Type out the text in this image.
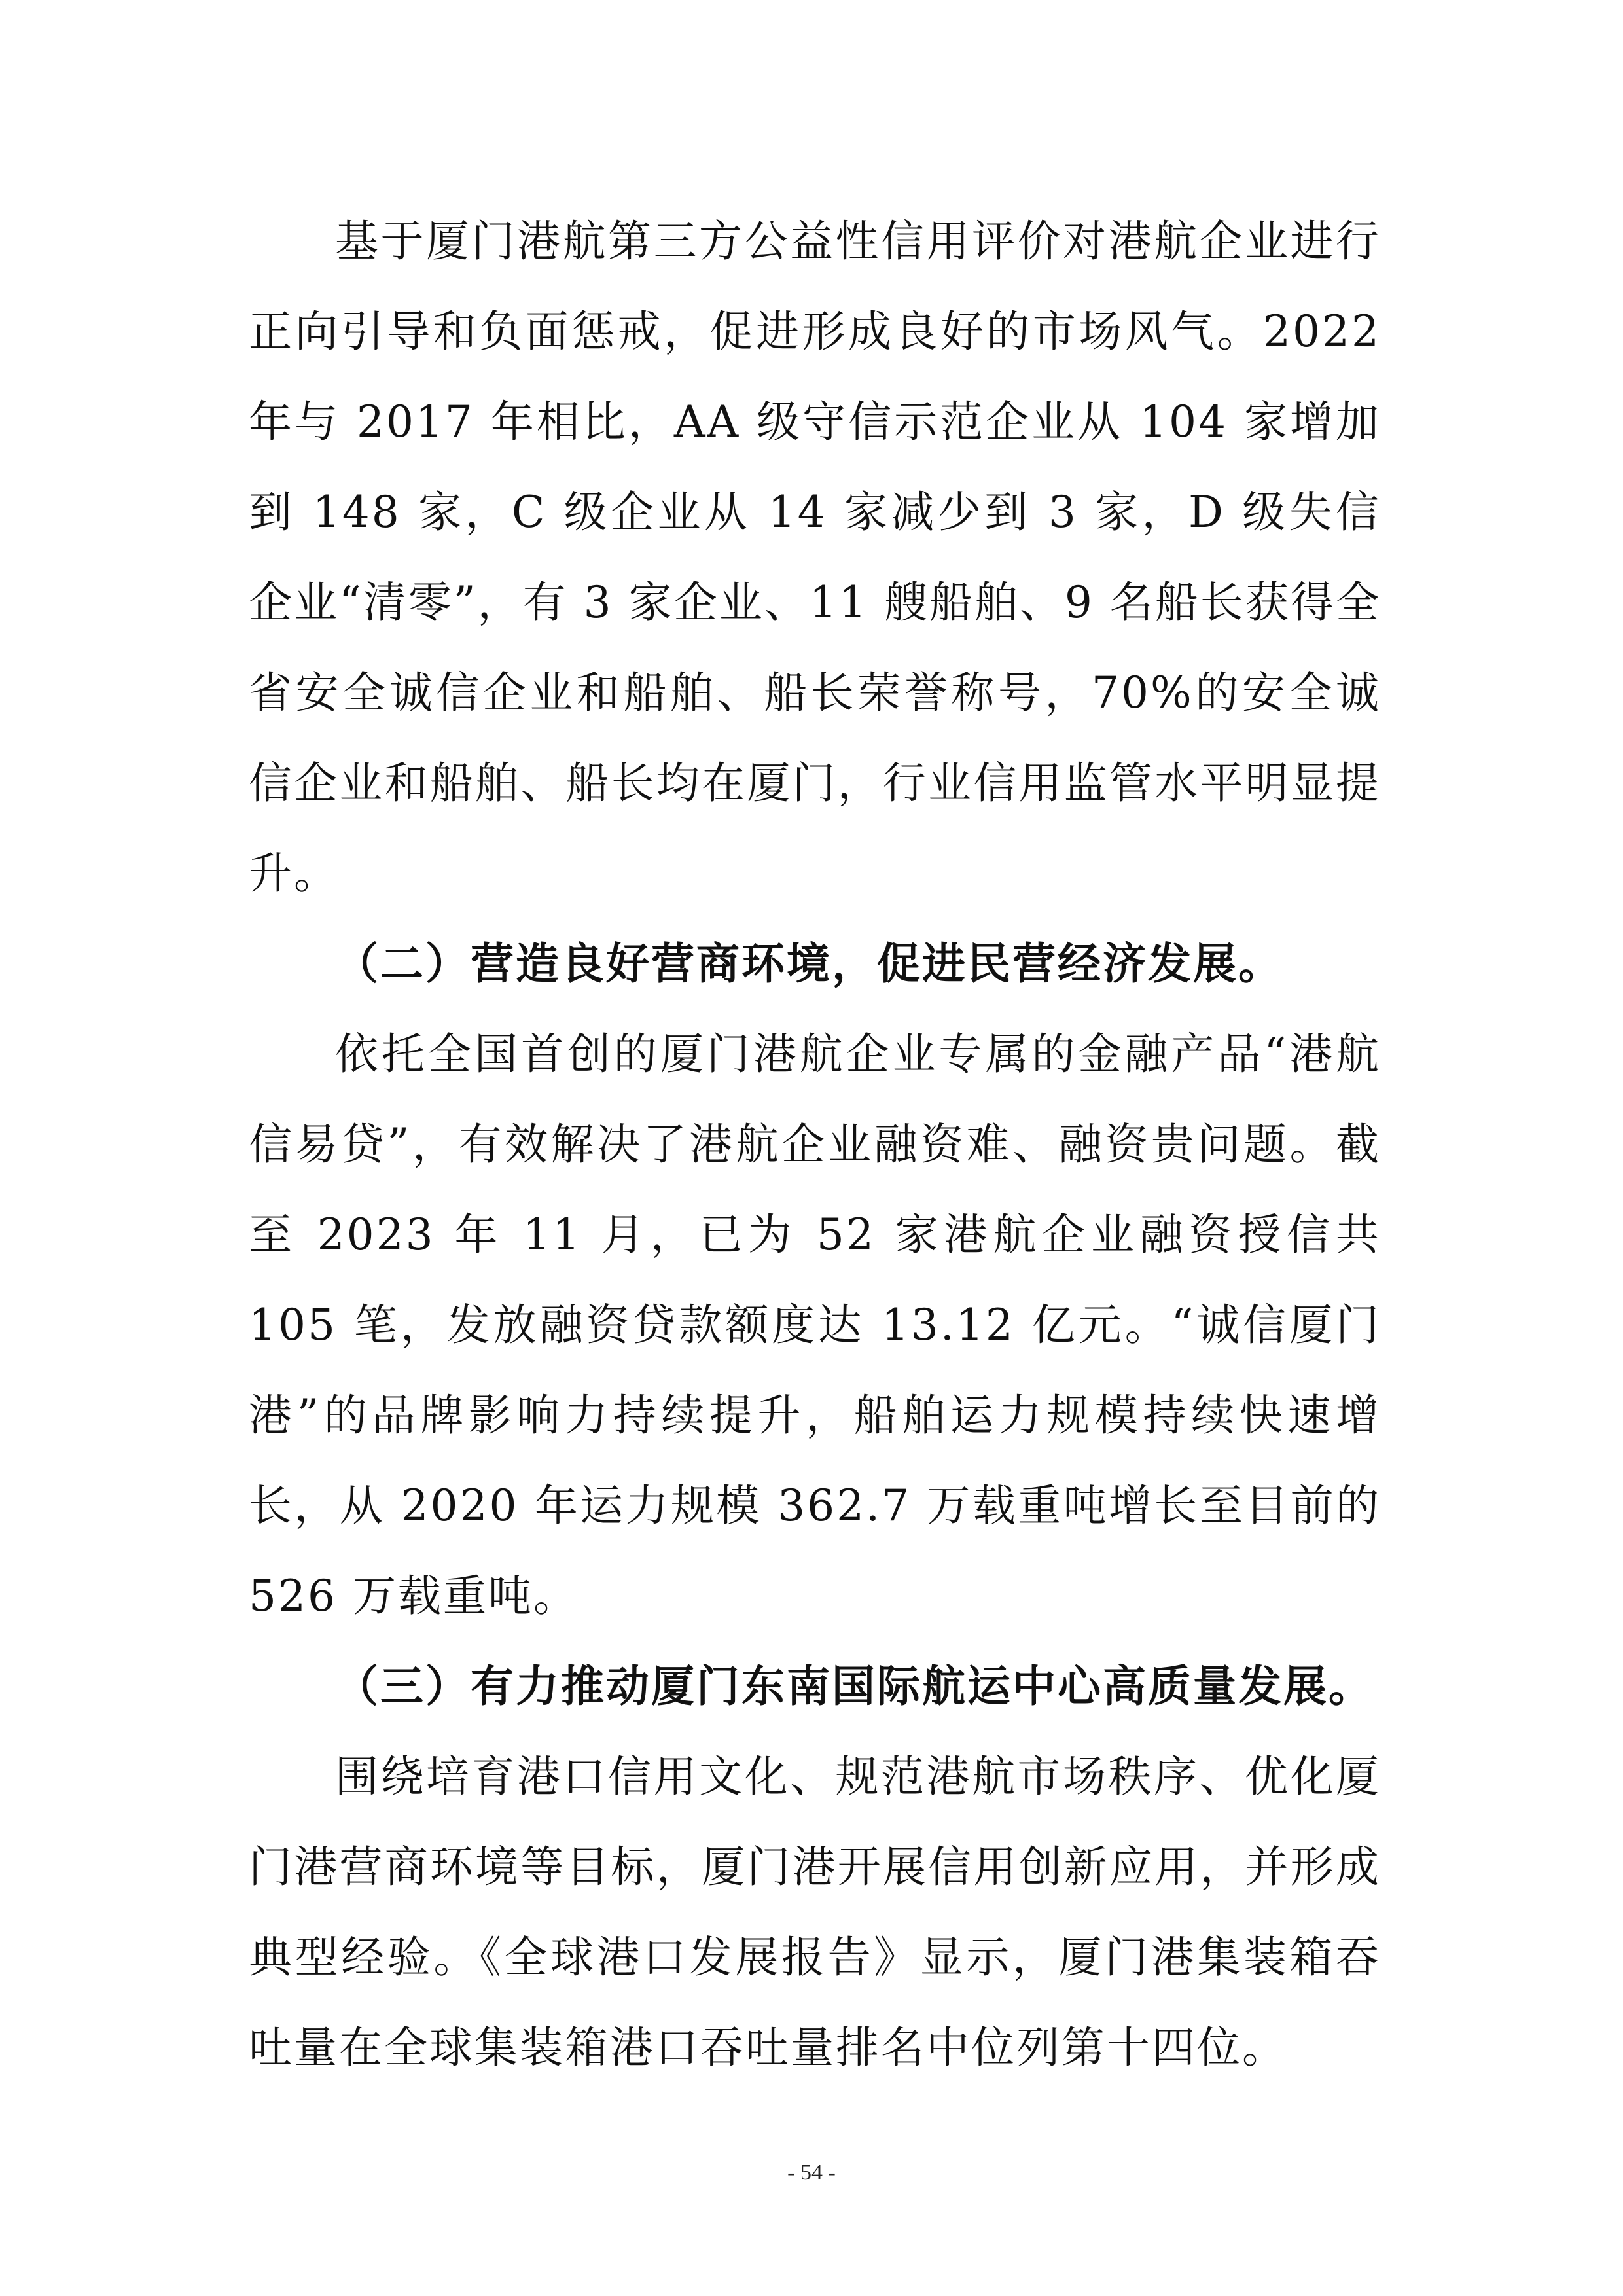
基于厦门港航第三方公益性信用评价对港航企业进行正向引导和负面惩戒，促进形成良好的市场风气。2022 年与 2017 年相比，AA 级守信示范企业从 104 家增加到 148 家，C 级企业从 14 家减少到 3 家，D 级失信企业“清零”，有 3 家企业、11 艘船舶、9 名船长获得全省安全诚信企业和船舶、船长荣誉称号，70%的安全诚信企业和船舶、船长均在厦门，行业信用监管水平明显提升。

（二）营造良好营商环境，促进民营经济发展。

依托全国首创的厦门港航企业专属的金融产品“港航信易贷”，有效解决了港航企业融资难、融资贵问题。截至 2023 年 11 月，已为 52 家港航企业融资授信共 105 笔，发放融资贷款额度达 13.12 亿元。“诚信厦门港”的品牌影响力持续提升，船舶运力规模持续快速增长，从 2020 年运力规模 362.7 万载重吨增长至目前的 526 万载重吨。

（三）有力推动厦门东南国际航运中心高质量发展。

围绕培育港口信用文化、规范港航市场秩序、优化厦门港营商环境等目标，厦门港开展信用创新应用，并形成典型经验。《全球港口发展报告》显示，厦门港集装箱吞吐量在全球集装箱港口吞吐量排名中位列第十四位。

- 54 -
